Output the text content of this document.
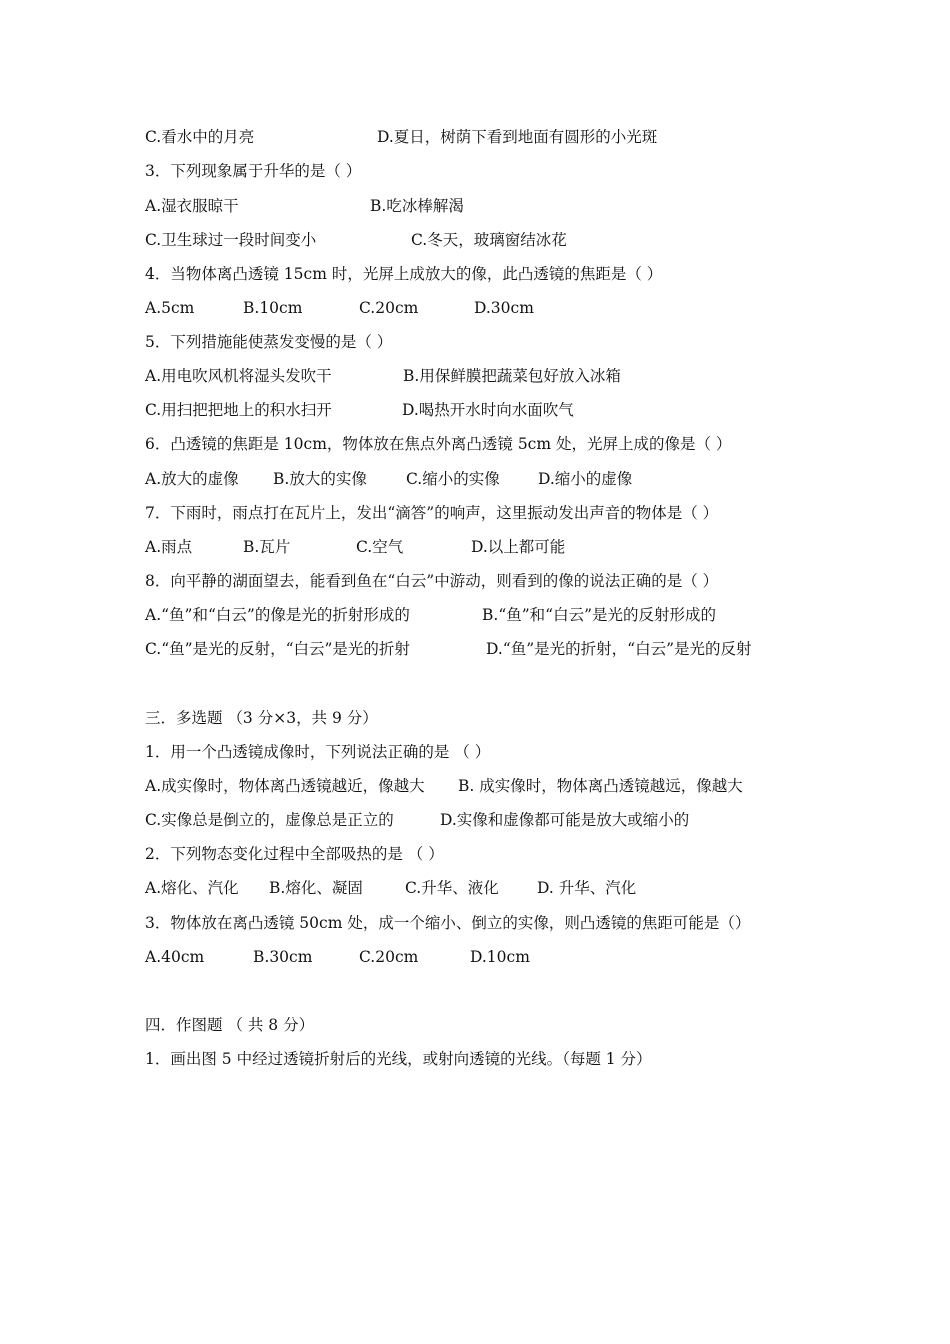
C.看水中的月亮	D.夏日，树荫下看到地面有圆形的小光斑
3．下列现象属于升华的是（ ）
A.湿衣服晾干	B.吃冰棒解渴
C.卫生球过一段时间变小	C.冬天，玻璃窗结冰花
4．当物体离凸透镜 15cm 时，光屏上成放大的像，此凸透镜的焦距是（ ）
A.5cm	B.10cm	C.20cm	D.30cm
5．下列措施能使蒸发变慢的是（ ）
A.用电吹风机将湿头发吹干	B.用保鲜膜把蔬菜包好放入冰箱
C.用扫把把地上的积水扫开	D.喝热开水时向水面吹气
6．凸透镜的焦距是 10cm，物体放在焦点外离凸透镜 5cm 处，光屏上成的像是（ ）
A.放大的虚像 B.放大的实像	C.缩小的实像 D.缩小的虚像
7．下雨时，雨点打在瓦片上，发出“滴答”的响声，这里振动发出声音的物体是（ ）
A.雨点	B.瓦片	C.空气	D.以上都可能
8．向平静的湖面望去，能看到鱼在“白云”中游动，则看到的像的说法正确的是（ ）
A.“鱼”和“白云”的像是光的折射形成的	B.“鱼”和“白云”是光的反射形成的
C.“鱼”是光的反射，“白云”是光的折射	D.“鱼”是光的折射，“白云”是光的反射
三．多选题 （3 分×3，共 9 分）
1．用一个凸透镜成像时，下列说法正确的是 （ ）
A.成实像时，物体离凸透镜越近，像越大 B. 成实像时，物体离凸透镜越远，像越大
C.实像总是倒立的，虚像总是正立的	D.实像和虚像都可能是放大或缩小的
2．下列物态变化过程中全部吸热的是 （ ）
A.熔化、汽化 B.熔化、凝固	C.升华、液化 D. 升华、汽化
3．物体放在离凸透镜 50cm 处，成一个缩小、倒立的实像，则凸透镜的焦距可能是（）
A.40cm	B.30cm	C.20cm	D.10cm
四．作图题 （ 共 8 分）
1．画出图 5 中经过透镜折射后的光线，或射向透镜的光线。（每题 1 分）
